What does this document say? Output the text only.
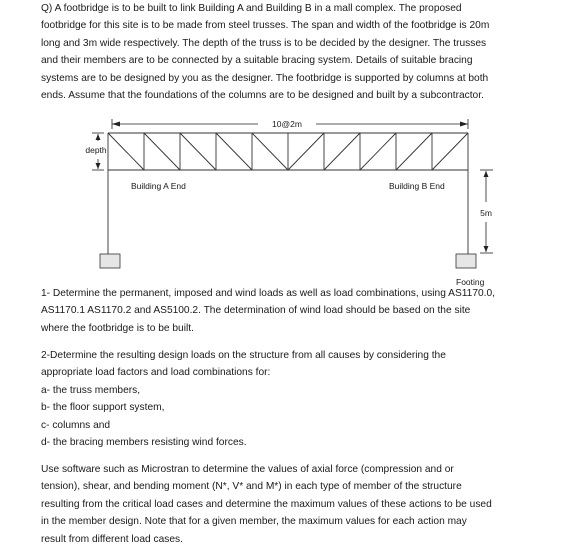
Q) A footbridge is to be built to link Building A and Building B in a mall complex. The proposed
footbridge for this site is to be made from steel trusses. The span and width of the footbridge is 20m
long and 3m wide respectively. The depth of the truss is to be decided by the designer. The trusses
and their members are to be connected by a suitable bracing system. Details of suitable bracing
systems are to be designed by you as the designer. The footbridge is supported by columns at both
ends. Assume that the foundations of the columns are to be designed and built by a subcontractor.
10@2m
depth
5m
Building A End	Building B End
Footing
1- Determine the permanent, imposed and wind loads as well as load combinations, using AS1170.0,
AS1170.1 AS1170.2 and AS5100.2. The determination of wind load should be based on the site
where the footbridge is to be built.
2-Determine the resulting design loads on the structure from all causes by considering the
appropriate load factors and load combinations for:
a- the truss members,
b- the floor support system,
c- columns and
d- the bracing members resisting wind forces.
Use software such as Microstran to determine the values of axial force (compression and or
tension), shear, and bending moment (N*, V* and M*) in each type of member of the structure
resulting from the critical load cases and determine the maximum values of these actions to be used
in the member design. Note that for a given member, the maximum values for each action may
result from different load cases.
